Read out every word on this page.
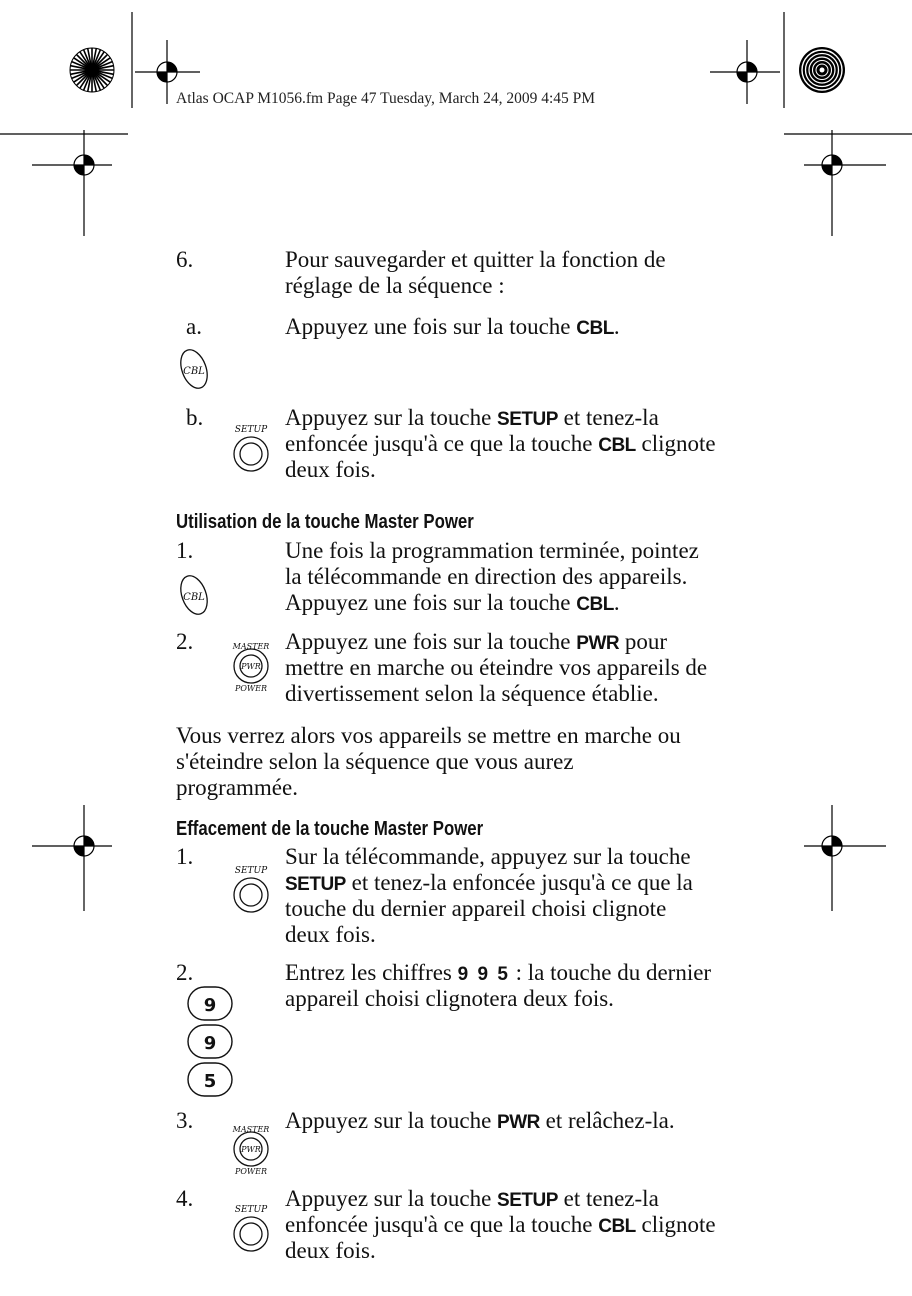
Atlas OCAP M1056.fm Page 47 Tuesday, March 24, 2009 4:45 PM
6.	Pour sauvegarder et quitter la fonction de
réglage de la séquence :
a.	Appuyez une fois sur la touche CBL.
CBL
b.	Appuyez sur la touche SETUP et tenez-la
enfoncée jusqu'à ce que la touche CBL clignote
deux fois.
SETUP
Utilisation de la touche Master Power
1.	Une fois la programmation terminée, pointez
la télécommande en direction des appareils.
Appuyez une fois sur la touche CBL.
CBL
2.	Appuyez une fois sur la touche PWR pour
mettre en marche ou éteindre vos appareils de
divertissement selon la séquence établie.
MASTER
PWR
POWER
Vous verrez alors vos appareils se mettre en marche ou
s'éteindre selon la séquence que vous aurez
programmée.
Effacement de la touche Master Power
1.	Sur la télécommande, appuyez sur la touche
SETUP et tenez-la enfoncée jusqu'à ce que la
touche du dernier appareil choisi clignote
deux fois.
SETUP
2.	Entrez les chiffres 9 9 5 : la touche du dernier
appareil choisi clignotera deux fois.
9
9
5
3.	Appuyez sur la touche PWR et relâchez-la.
MASTER
PWR
POWER
4.	Appuyez sur la touche SETUP et tenez-la
enfoncée jusqu'à ce que la touche CBL clignote
deux fois.
SETUP
